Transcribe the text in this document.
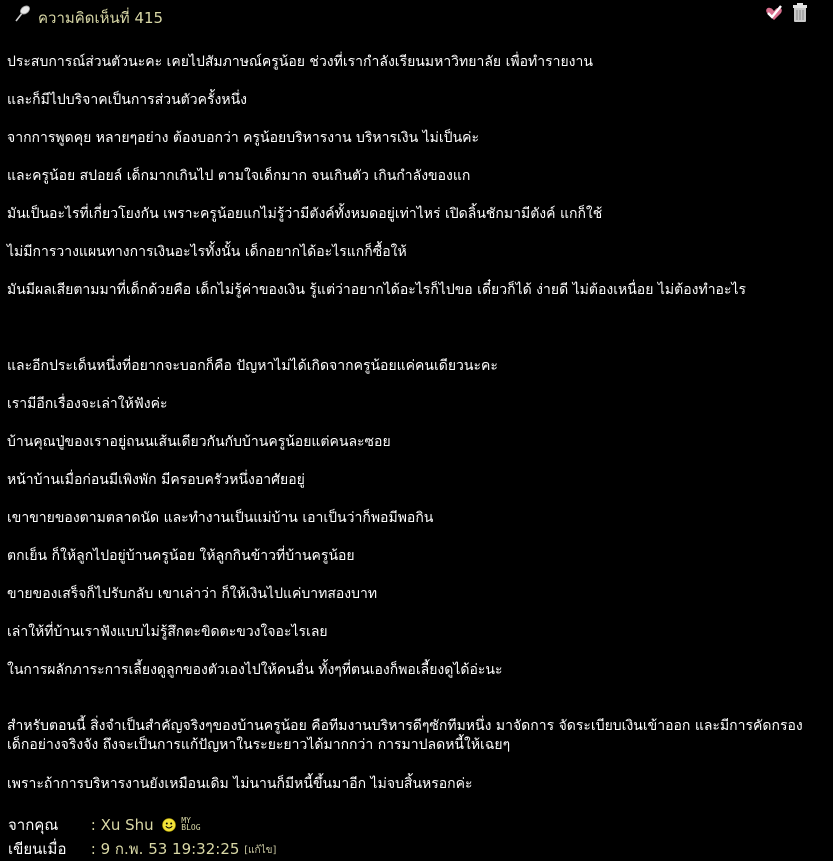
ความคิดเห็นที่ 415

ประสบการณ์ส่วนตัวนะคะ เคยไปสัมภาษณ์ครูน้อย ช่วงที่เรากำลังเรียนมหาวิทยาลัย เพื่อทำรายงาน

และก็มีไปบริจาคเป็นการส่วนตัวครั้งหนึ่ง

จากการพูดคุย หลายๆอย่าง ต้องบอกว่า ครูน้อยบริหารงาน บริหารเงิน ไม่เป็นค่ะ

และครูน้อย สปอยล์ เด็กมากเกินไป ตามใจเด็กมาก จนเกินตัว เกินกำลังของแก

มันเป็นอะไรที่เกี่ยวโยงกัน เพราะครูน้อยแกไม่รู้ว่ามีตังค์ทั้งหมดอยู่เท่าไหร่ เปิดลิ้นชักมามีตังค์ แกก็ใช้

ไม่มีการวางแผนทางการเงินอะไรทั้งนั้น เด็กอยากได้อะไรแกก็ซื้อให้

มันมีผลเสียตามมาที่เด็กด้วยคือ เด็กไม่รู้ค่าของเงิน รู้แต่ว่าอยากได้อะไรก็ไปขอ เดี๋ยวก็ได้ ง่ายดี ไม่ต้องเหนื่อย ไม่ต้องทำอะไร

และอีกประเด็นหนึ่งที่อยากจะบอกก็คือ ปัญหาไม่ได้เกิดจากครูน้อยแค่คนเดียวนะคะ

เรามีอีกเรื่องจะเล่าให้ฟังค่ะ

บ้านคุณปู่ของเราอยู่ถนนเส้นเดียวกันกับบ้านครูน้อยแต่คนละซอย

หน้าบ้านเมื่อก่อนมีเพิงพัก มีครอบครัวหนึ่งอาศัยอยู่

เขาขายของตามตลาดนัด และทำงานเป็นแม่บ้าน เอาเป็นว่าก็พอมีพอกิน

ตกเย็น ก็ให้ลูกไปอยู่บ้านครูน้อย ให้ลูกกินข้าวที่บ้านครูน้อย

ขายของเสร็จก็ไปรับกลับ เขาเล่าว่า ก็ให้เงินไปแค่บาทสองบาท

เล่าให้ที่บ้านเราฟังแบบไม่รู้สึกตะขิดตะขวงใจอะไรเลย

ในการผลักภาระการเลี้ยงดูลูกของตัวเองไปให้คนอื่น ทั้งๆที่ตนเองก็พอเลี้ยงดูได้อ่ะนะ

สำหรับตอนนี้ สิ่งจำเป็นสำคัญจริงๆของบ้านครูน้อย คือทีมงานบริหารดีๆซักทีมหนึ่ง มาจัดการ จัดระเบียบเงินเข้าออก และมีการคัดกรองเด็กอย่างจริงจัง ถึงจะเป็นการแก้ปัญหาในระยะยาวได้มากกว่า การมาปลดหนี้ให้เฉยๆ

เพราะถ้าการบริหารงานยังเหมือนเดิม ไม่นานก็มีหนี้ขึ้นมาอีก ไม่จบสิ้นหรอกค่ะ

จากคุณ : Xu Shu	MY
BLOG
เขียนเมื่อ : 9 ก.พ. 53 19:32:25 [แก้ไข]
